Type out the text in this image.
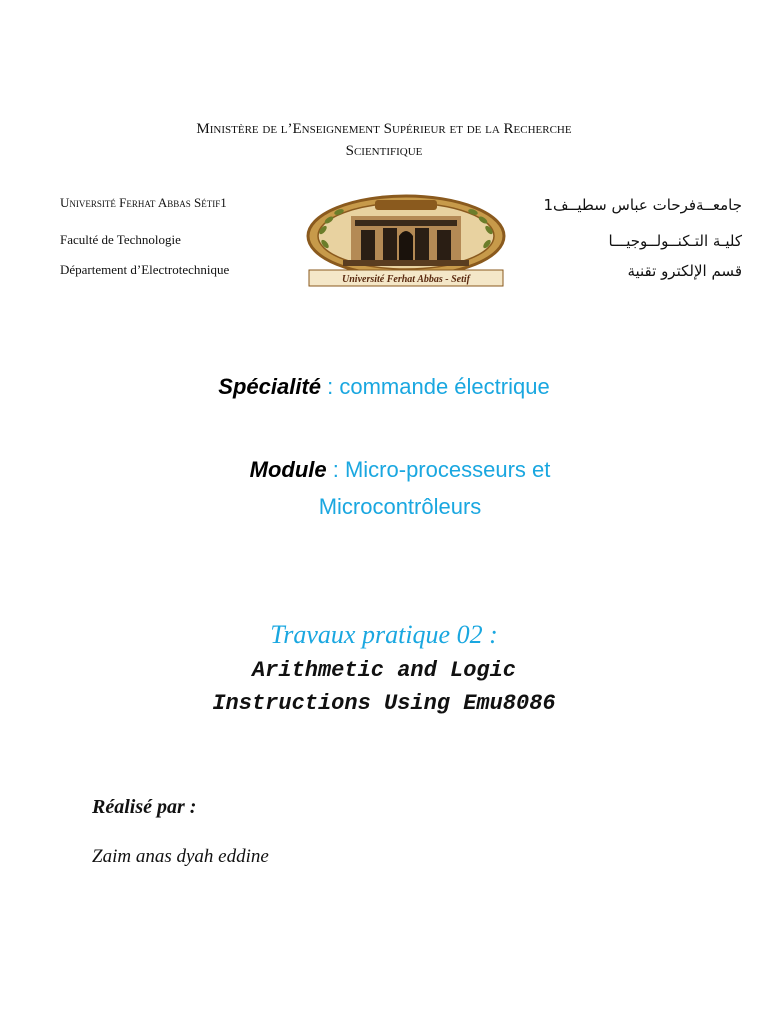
Ministère de l’Enseignement Supérieur et de la Recherche
Scientifique
Université Ferhat Abbas Sétif1
Faculté de Technologie
Département d’Electrotechnique
جامعــةفرحات عباس سطيــف1
كليـة التـكنــولــوجيـــا
قسم الإلكترو تقنية
Université Ferhat Abbas - Setif
Spécialité : commande électrique
Module : Micro-processeurs et
Microcontrôleurs
Travaux pratique 02 :
Arithmetic and Logic
Instructions Using Emu8086
Réalisé par :
Zaim anas dyah eddine
